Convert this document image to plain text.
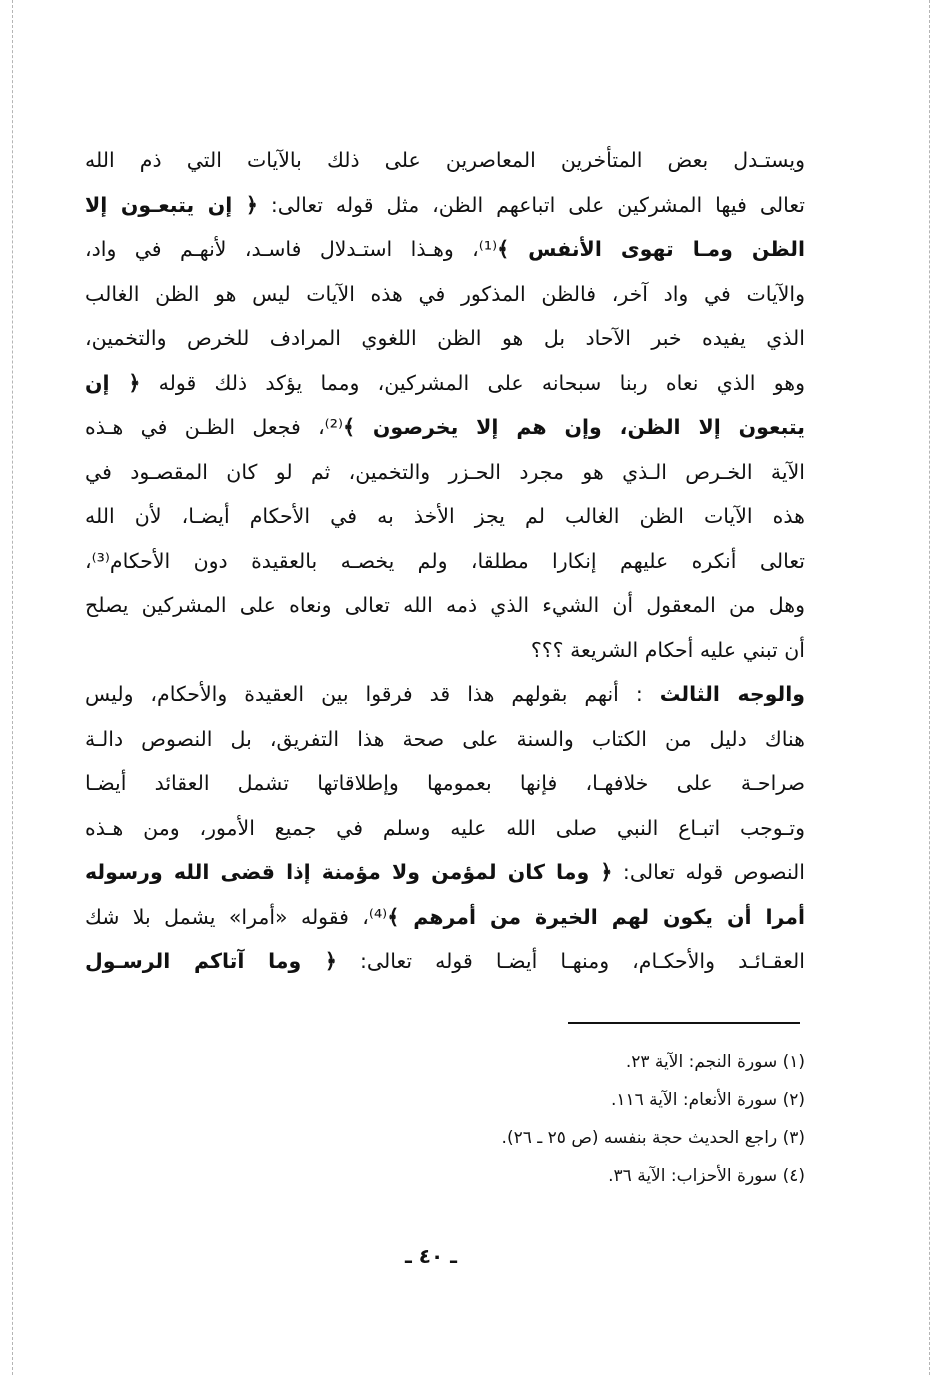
ويستـدل بعض المتأخرين المعاصرين على ذلك بالآيات التي ذم الله
تعالى فيها المشركين على اتباعهم الظن، مثل قوله تعالى: ﴿ إن يتبعـون إلا
الظن ومـا تهوى الأنفس ﴾⁽¹⁾، وهـذا استـدلال فاسـد، لأنهـم في واد،
والآيات في واد آخر، فالظن المذكور في هذه الآيات ليس هو الظن الغالب
الذي يفيده خبر الآحاد بل هو الظن اللغوي المرادف للخرص والتخمين،
وهو الذي نعاه ربنا سبحانه على المشركين، ومما يؤكد ذلك قوله ﴿ إن
يتبعون إلا الظن، وإن هم إلا يخرصون ﴾⁽²⁾، فجعل الظـن في هـذه
الآية الخـرص الـذي هو مجرد الحـزر والتخمين، ثم لو كان المقصـود في
هذه الآيات الظن الغالب لم يجز الأخذ به في الأحكام أيضـا، لأن الله
تعالى أنكره عليهم إنكارا مطلقا، ولم يخصـه بالعقيدة دون الأحكام⁽³⁾،
وهل من المعقول أن الشيء الذي ذمه الله تعالى ونعاه على المشركين يصلح
أن تبني عليه أحكام الشريعة ؟؟؟
والوجه الثالث : أنهم بقولهم هذا قد فرقوا بين العقيدة والأحكام، وليس
هناك دليل من الكتاب والسنة على صحة هذا التفريق، بل النصوص دالـة
صراحـة على خلافهـا، فإنها بعمومها وإطلاقاتها تشمل العقائد أيضـا
وتـوجب اتبـاع النبي صلى الله عليه وسلم في جميع الأمور، ومن هـذه
النصوص قوله تعالى: ﴿ وما كان لمؤمن ولا مؤمنة إذا قضى الله ورسوله
أمرا أن يكون لهم الخيرة من أمرهم ﴾⁽⁴⁾، فقوله «أمرا» يشمل بلا شك
العقـائـد والأحكـام، ومنهـا أيضـا قوله تعالى: ﴿ وما آتاكم الرسـول
(١) سورة النجم: الآية ٢٣.
(٢) سورة الأنعام: الآية ١١٦.
(٣) راجع الحديث حجة بنفسه (ص ٢٥ ـ ٢٦).
(٤) سورة الأحزاب: الآية ٣٦.
ـ ٤٠ ـ
